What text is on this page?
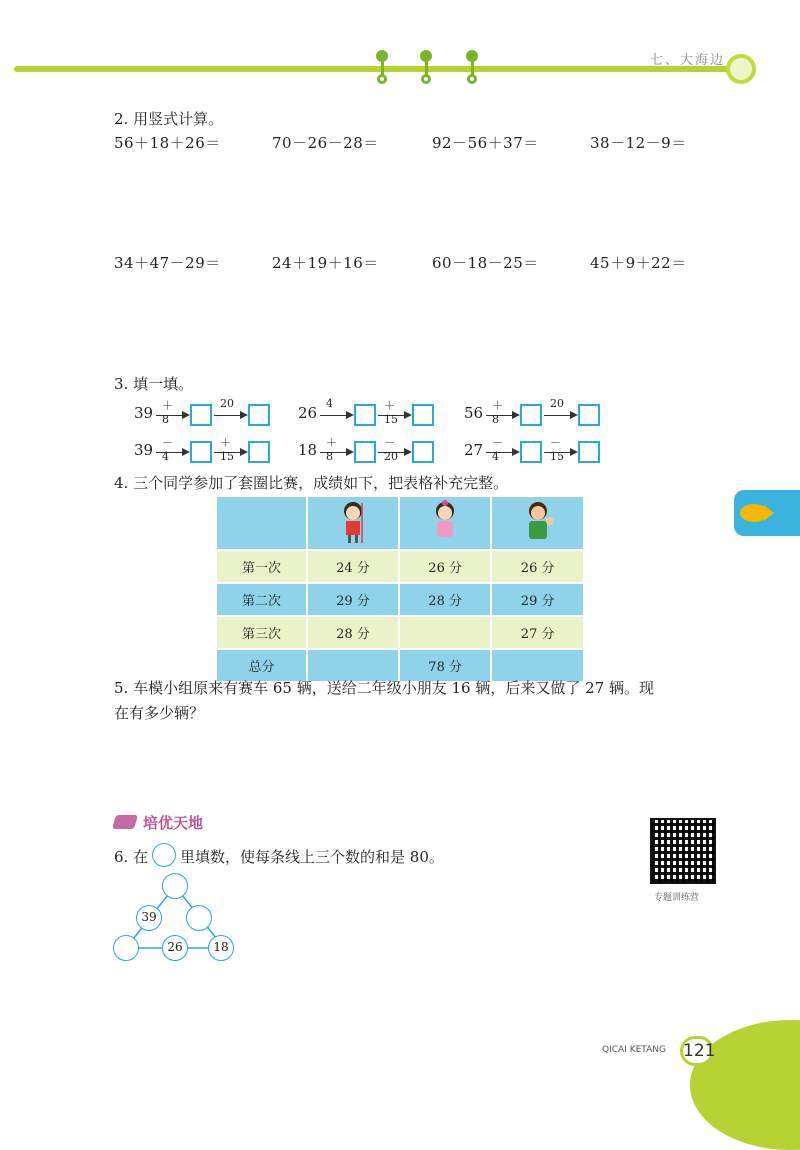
七、大海边
2. 用竖式计算。
56＋18＋26＝	70－26－28＝	92－56＋37＝	38－12－9＝
34＋47－29＝	24＋19＋16＝	60－18－25＝	45＋9＋22＝
3. 填一填。
39 ＋8
20
26
4	＋15	56 ＋8
20
39 －4
＋15	18 ＋8
－20	27 －4
－15
4. 三个同学参加了套圈比赛，成绩如下，把表格补充完整。

第一次	24 分	26 分	26 分
第二次	29 分	28 分	29 分
第三次	28 分		27 分
总分		78 分	
5. 车模小组原来有赛车 65 辆，送给二年级小朋友 16 辆，后来又做了 27 辆。现
在有多少辆？
培优天地
6. 在 里填数，使每条线上三个数的和是 80。
39
26	18
专题训练营
QICAI KETANG 121
